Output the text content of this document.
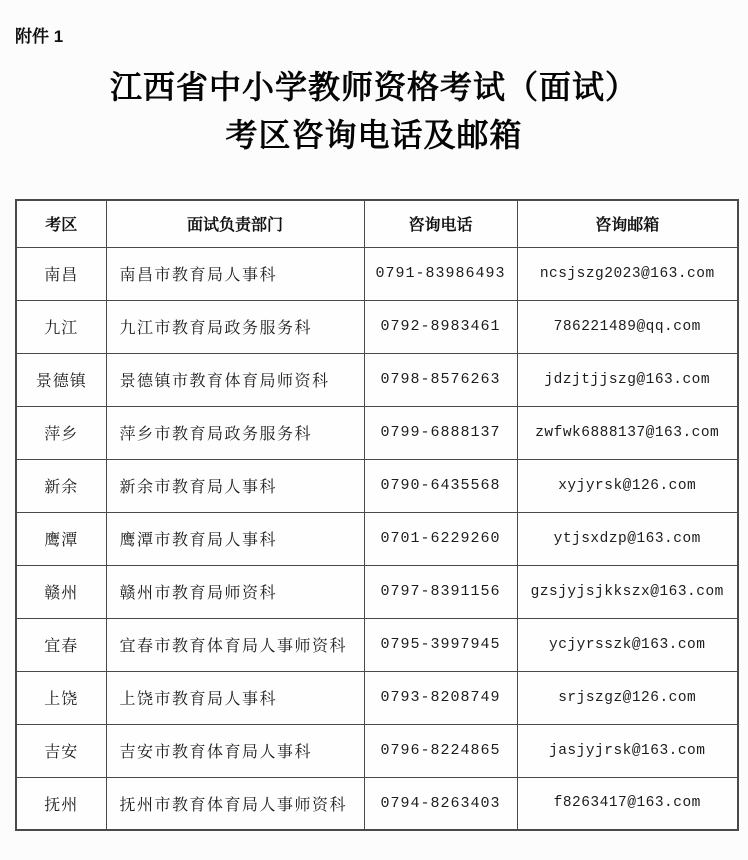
附件 1
江西省中小学教师资格考试（面试）
考区咨询电话及邮箱
考区	面试负责部门	咨询电话	咨询邮箱
南昌	南昌市教育局人事科	0791-83986493	ncsjszg2023@163.com
九江	九江市教育局政务服务科	0792-8983461	786221489@qq.com
景德镇	景德镇市教育体育局师资科	0798-8576263	jdzjtjjszg@163.com
萍乡	萍乡市教育局政务服务科	0799-6888137	zwfwk6888137@163.com
新余	新余市教育局人事科	0790-6435568	xyjyrsk@126.com
鹰潭	鹰潭市教育局人事科	0701-6229260	ytjsxdzp@163.com
赣州	赣州市教育局师资科	0797-8391156	gzsjyjsjkkszx@163.com
宜春	宜春市教育体育局人事师资科	0795-3997945	ycjyrsszk@163.com
上饶	上饶市教育局人事科	0793-8208749	srjszgz@126.com
吉安	吉安市教育体育局人事科	0796-8224865	jasjyjrsk@163.com
抚州	抚州市教育体育局人事师资科	0794-8263403	f8263417@163.com
